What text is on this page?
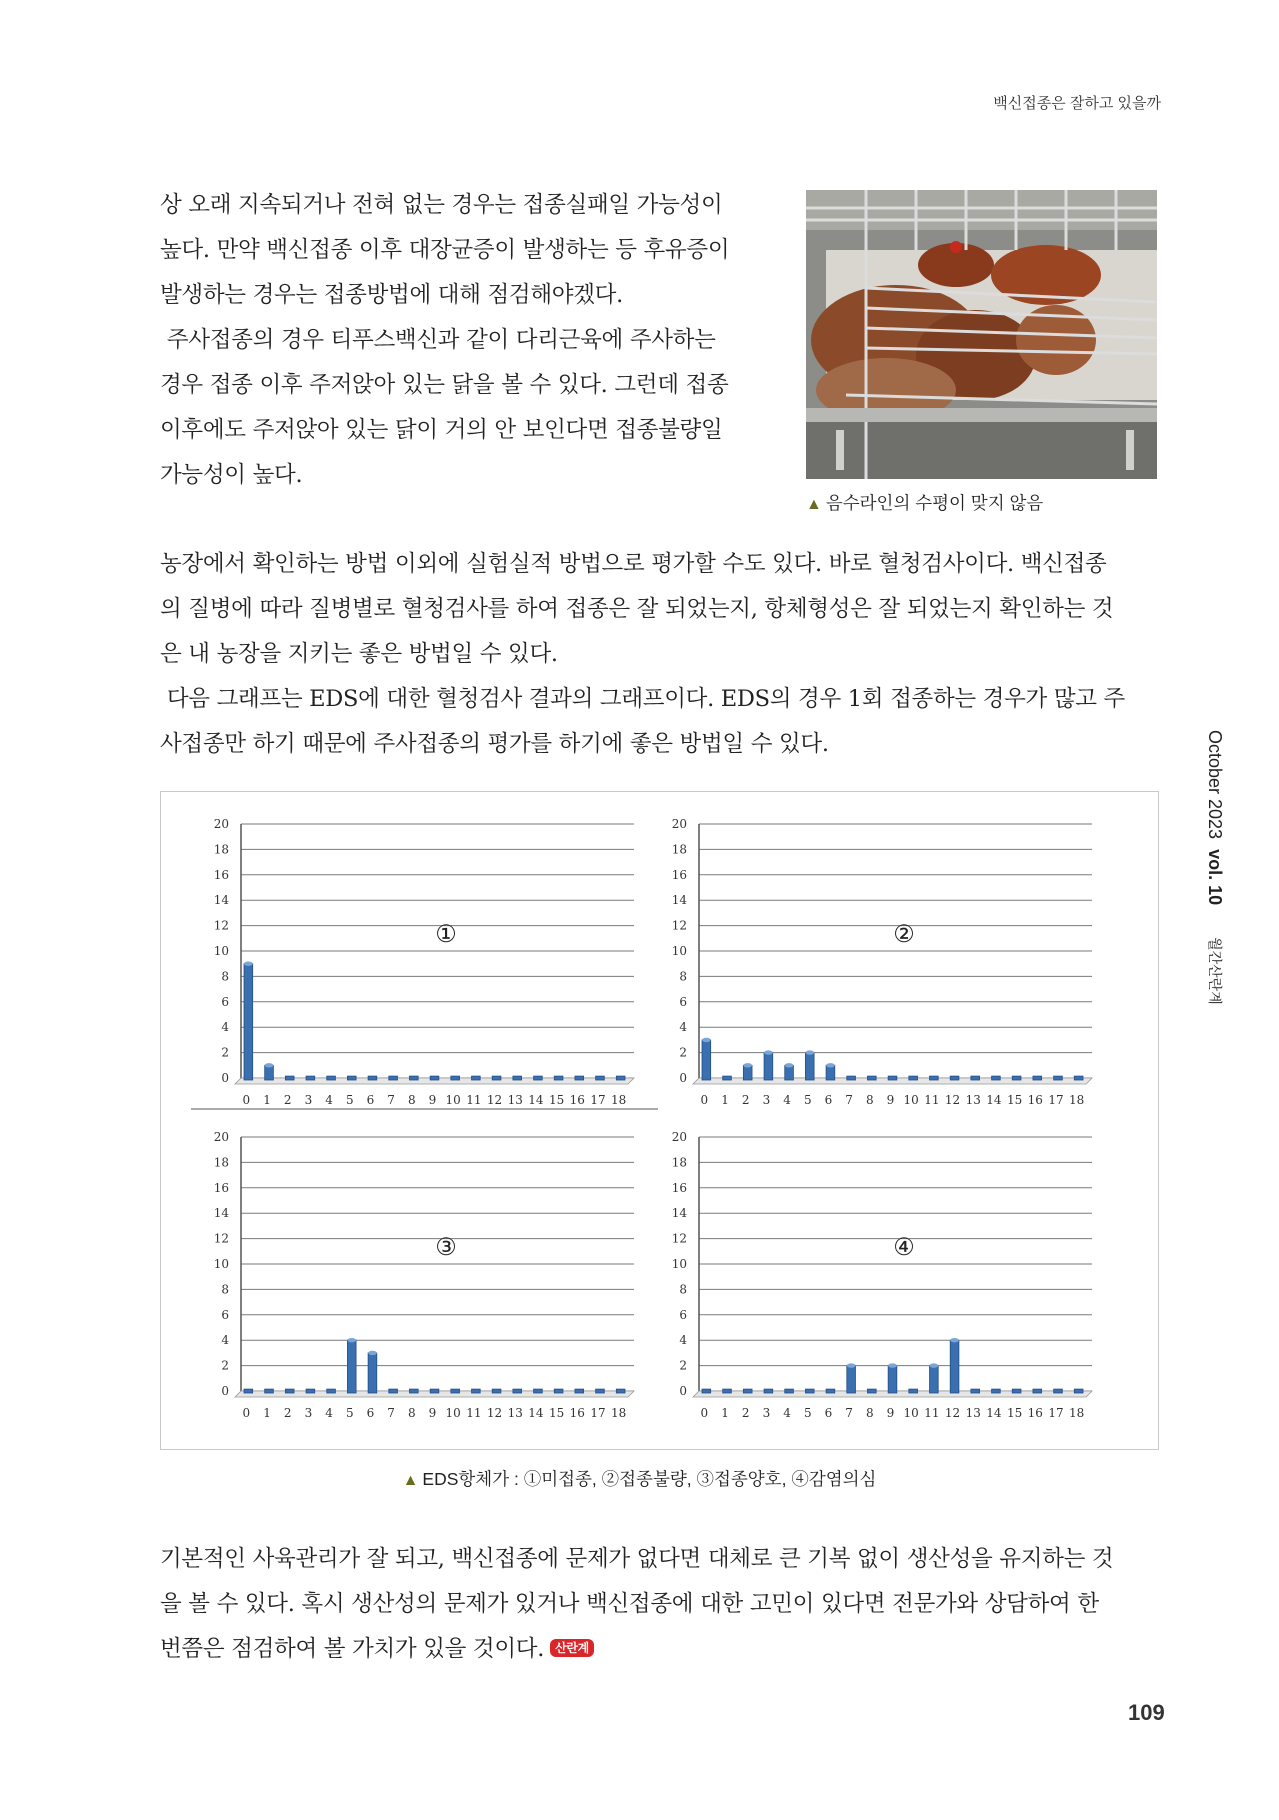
백신접종은 잘하고 있을까
October 2023
vol. 10
월간산란계

상 오래 지속되거나 전혀 없는 경우는 접종실패일 가능성이

높다. 만약 백신접종 이후 대장균증이 발생하는 등 후유증이

발생하는 경우는 접종방법에 대해 점검해야겠다.

주사접종의 경우 티푸스백신과 같이 다리근육에 주사하는

경우 접종 이후 주저앉아 있는 닭을 볼 수 있다. 그런데 접종

이후에도 주저앉아 있는 닭이 거의 안 보인다면 접종불량일

가능성이 높다.

▲ 음수라인의 수평이 맞지 않음

농장에서 확인하는 방법 이외에 실험실적 방법으로 평가할 수도 있다. 바로 혈청검사이다. 백신접종

의 질병에 따라 질병별로 혈청검사를 하여 접종은 잘 되었는지, 항체형성은 잘 되었는지 확인하는 것

은 내 농장을 지키는 좋은 방법일 수 있다.

다음 그래프는 EDS에 대한 혈청검사 결과의 그래프이다. EDS의 경우 1회 접종하는 경우가 많고 주

사접종만 하기 때문에 주사접종의 평가를 하기에 좋은 방법일 수 있다.

0
2
4
6
8
10
12
14
16
18
20
0 1 2 3 4 5 6 7 8 9 10 11 12 13 14 15 16 17 18
①
0
2
4
6
8
10
12
14
16
18
20
0 1 2 3 4 5 6 7 8 9 10 11 12 13 14 15 16 17 18
②
0
2
4
6
8
10
12
14
16
18
20
0 1 2 3 4 5 6 7 8 9 10 11 12 13 14 15 16 17 18
③
0
2
4
6
8
10
12
14
16
18
20
0 1 2 3 4 5 6 7 8 9 10 11 12 13 14 15 16 17 18
④
▲ EDS항체가 : ①미접종, ②접종불량, ③접종양호, ④감염의심

기본적인 사육관리가 잘 되고, 백신접종에 문제가 없다면 대체로 큰 기복 없이 생산성을 유지하는 것

을 볼 수 있다. 혹시 생산성의 문제가 있거나 백신접종에 대한 고민이 있다면 전문가와 상담하여 한

번쯤은 점검하여 볼 가치가 있을 것이다. 산란계

109
